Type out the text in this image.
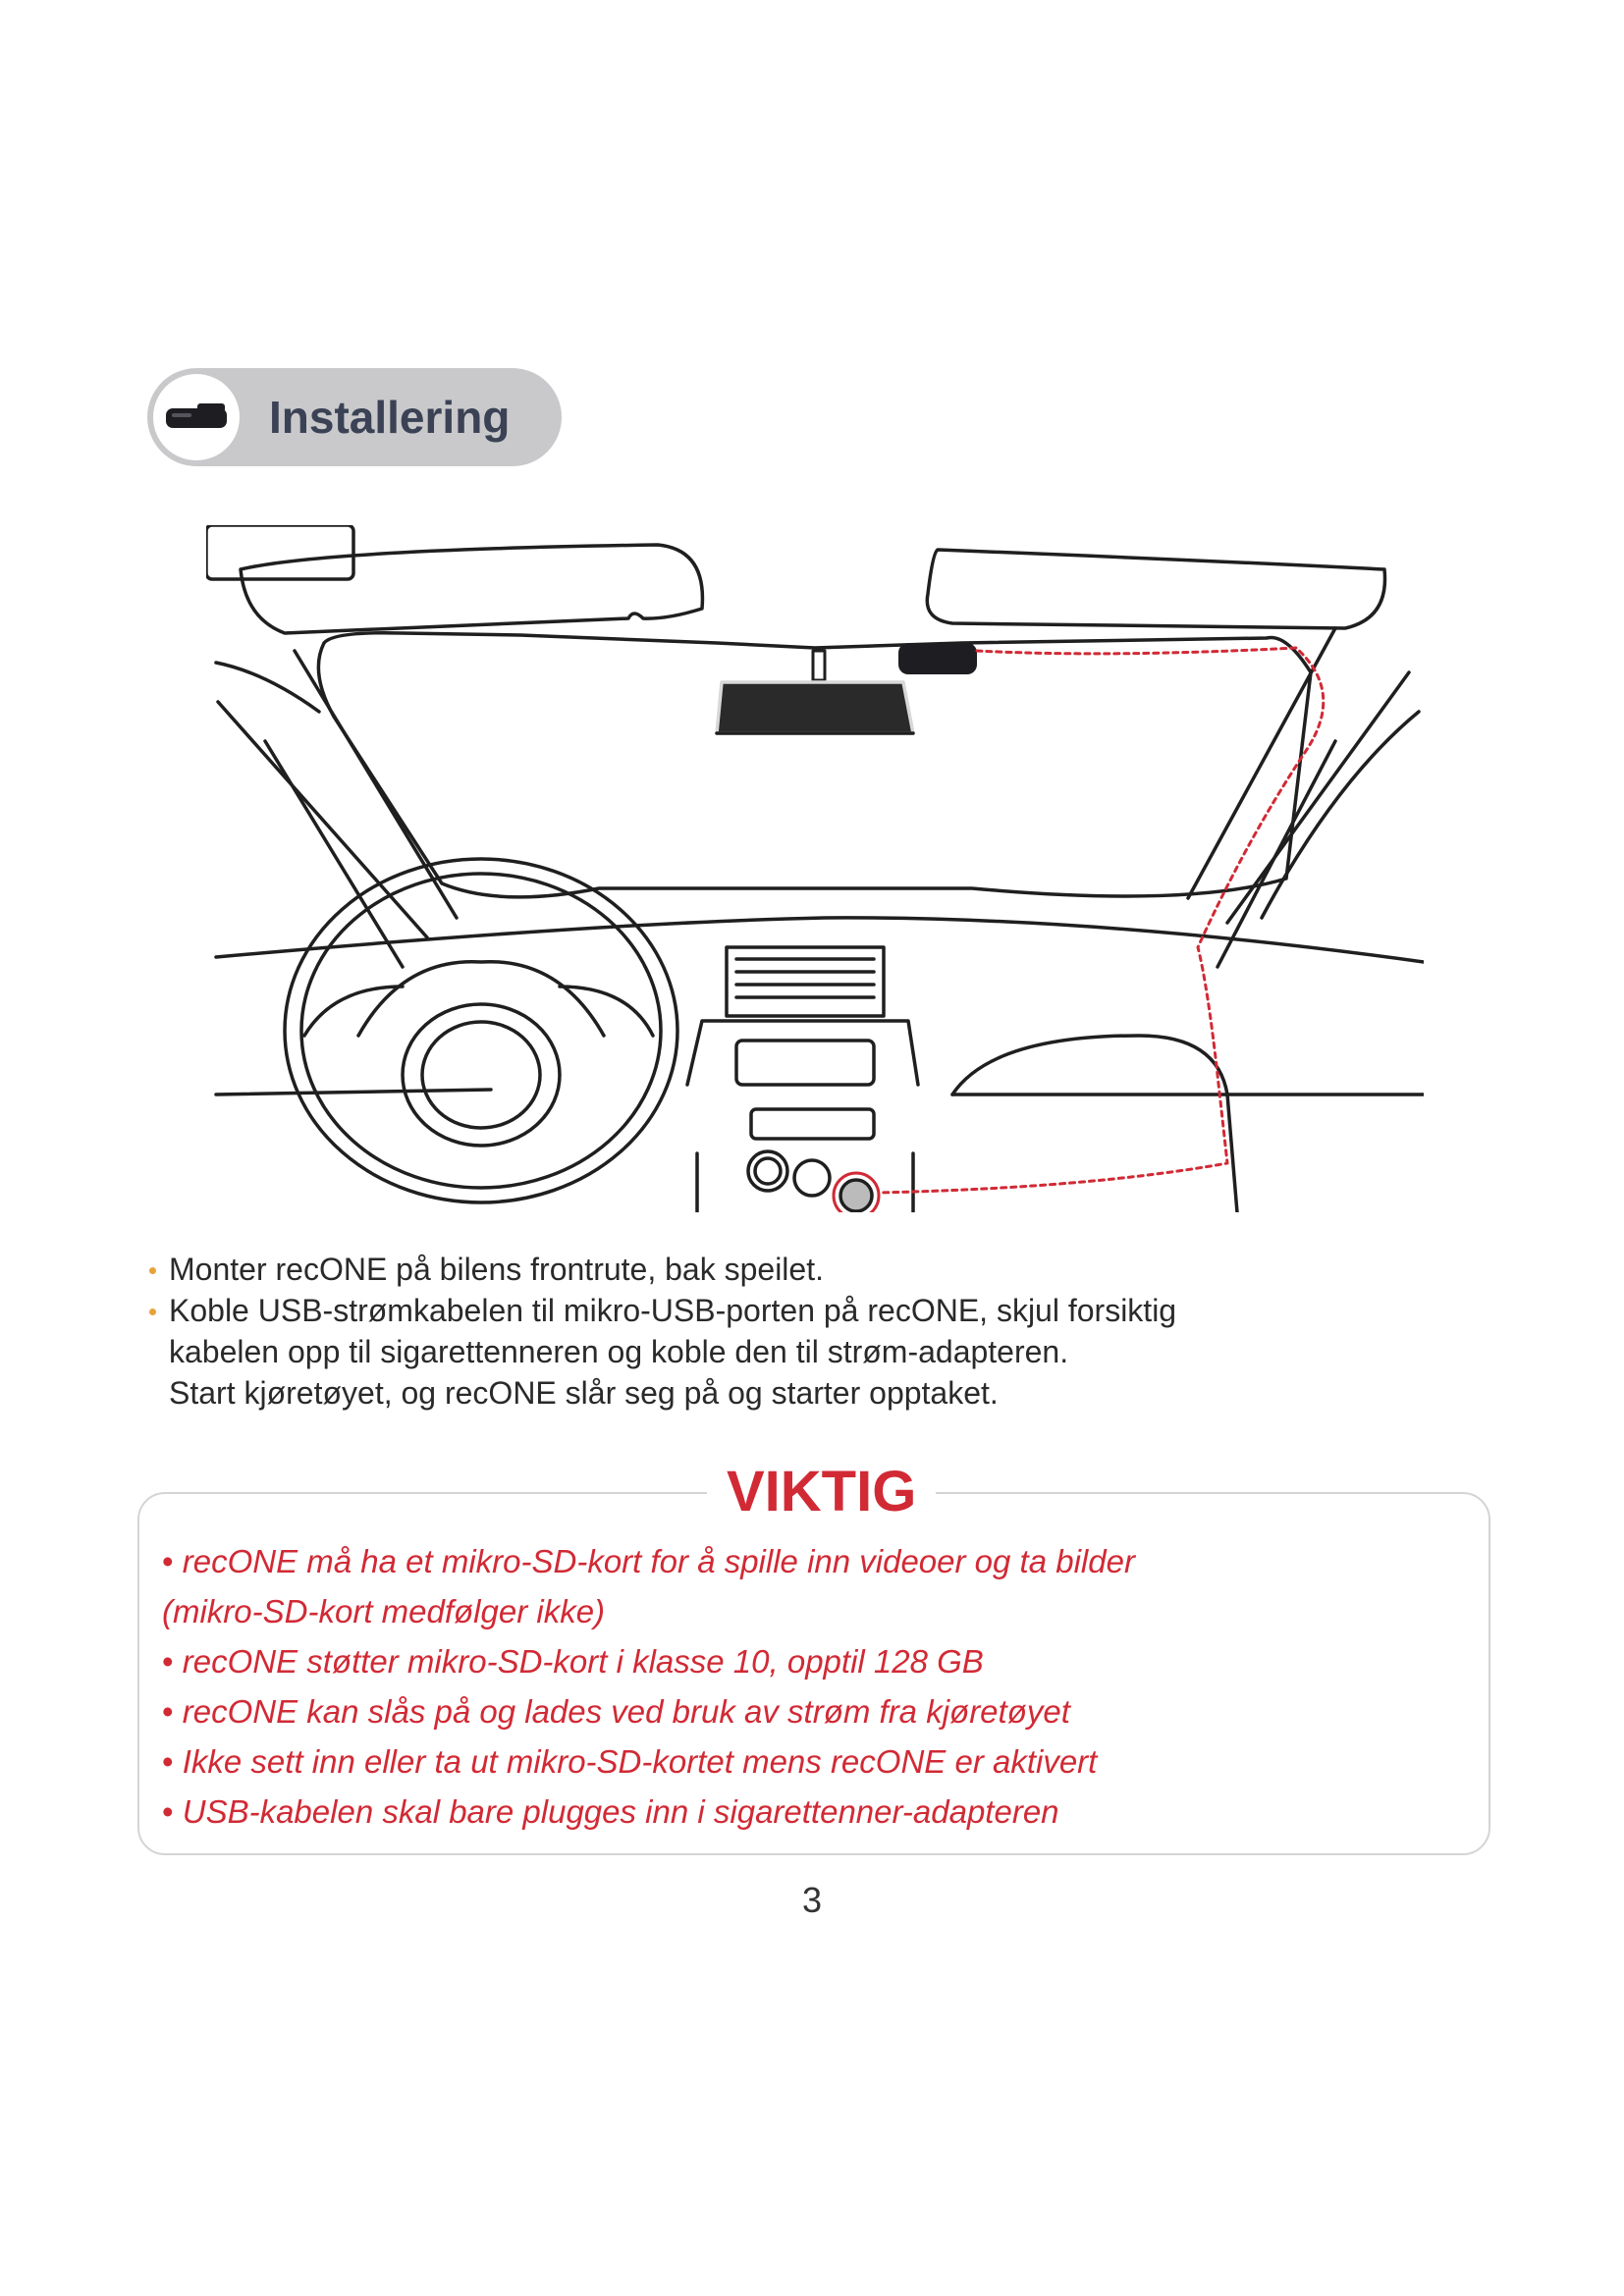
Installering
Monter recONE på bilens frontrute, bak speilet.
Koble USB-strømkabelen til mikro-USB-porten på recONE, skjul forsiktig
kabelen opp til sigarettenneren og koble den til strøm-adapteren.
Start kjøretøyet, og recONE slår seg på og starter opptaket.
VIKTIG
• recONE må ha et mikro-SD-kort for å spille inn videoer og ta bilder
(mikro-SD-kort medfølger ikke)
• recONE støtter mikro-SD-kort i klasse 10, opptil 128 GB
• recONE kan slås på og lades ved bruk av strøm fra kjøretøyet
• Ikke sett inn eller ta ut mikro-SD-kortet mens recONE er aktivert
• USB-kabelen skal bare plugges inn i sigarettenner-adapteren
3
